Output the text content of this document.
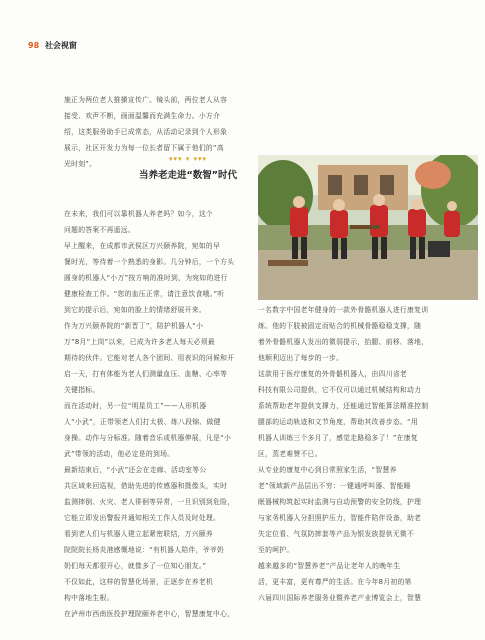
98 社会视窗
▾▾▾ ▾ ▾▾▾
当养老走进“数智”时代
施正为两位老人推搡宣传广。镜头前，两位老人从容
接受、欢声不断，画面温馨而充满生命力。小方介
绍，这类服务助手已成常态，从活动记录到个人形象
展示，社区开发力为每一位长者留下属于他们的“高
光时刻”。
在未来，我们可以靠机器人养老吗？如今，这个
问题的答案不再遥远。
早上醒来，在成都市武侯区万兴颐养院，宛如的早
餐时光，等待着一个熟悉的身影。几分钟后，一个方头
圆身的机器人“小万”按方响的准时到，为宛如的进行
健康检查工作。“您的血压正常，请注意饮食哦。”听
到它的提示后，宛如的脸上的情绪舒展开来。
作为万兴颐养院的“新晋丁”，陪护机器人“小
万”8月“上岗”以来，已成为许多老人每天必须最
期待的伙伴。它能对老人各个团间、用表识的问候和开
启一天，打有体能为老人们测量血压、血糖、心率等
关键指标。
而在活动时，另一位“明星员工”——人形机器
人“小武”，正带领老人们打太极、练八段锦、做健
身操。动作与分标准。随着音乐或机器伸展，凡是“小
武”带领的活动，他必定是的到场。
最新结束后，“小武”还会在走廊、活动室等公
共区域来回巡视，借助先进的传感器和摄像头，实时
监测摔倒、火灾、老人徘徊等异常，一旦识别到危险，
它能立即发出警报并通知相关工作人员及时处理。
看到老人们与机器人建立起紧密联结，万兴颐养
院院院长杨炎港感慨地说：“有机器人陪伴，爷爷奶
奶们每天都很开心，就像多了一位知心朋友。”
不仅如此，这样的智慧化场景，正逐步在养老机
构中落地生根。
在泸州市西南医投护理院颐养老中心，智慧康复中心，
一名数字中国老年健身的一款外骨骼机器人进行康复训
练。他的下肢被固定而贴合的机械骨骼稳稳支撑，随
着外骨骼机器人发出的微弱提示，抬腿、前移、落地，
他顺利迈出了每步的一步。
这款用于医疗康复的外骨骼机器人，由四川省老
科技有限公司提供，它不仅可以通过机械结构和动力
系统帮助老年提供支撑力，还能通过智能算法精准控制
腿部的运动轨迹和文节角度，帮助其改善步态。“用
机器人训练三个多月了，感觉走路稳多了！”在康复
区，蒸老难赞不已。
从专业的康复中心到日常照家生活，“智慧养
老”领域新产品层出不穷：一键通呼叫器、智能睡
眠器械构筑起实时监测与自动预警的安全防线，护理
与家务机器人分担照护压力，智能件陪伴设备，助老
失定位看、气氛防摔套等产品为银发族提供无微不
至的呵护。
越来越多的“智慧养老”产品让老年人的晚年生
活，更丰富，更有尊严的生活。在今年8月初的第
六届四川国际养老服务业暨养老产业博览会上，智慧
